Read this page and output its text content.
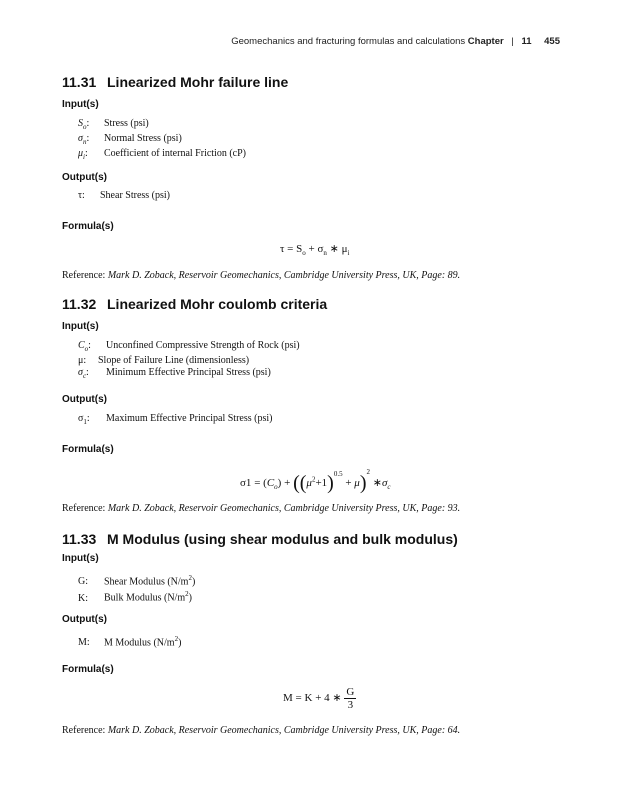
Geomechanics and fracturing formulas and calculations Chapter | 11 455
11.31 Linearized Mohr failure line
Input(s)
$S_o$: Stress (psi)
$\sigma_n$: Normal Stress (psi)
$\mu_i$: Coefficient of internal Friction (cP)
Output(s)
τ: Shear Stress (psi)
Formula(s)
$\tau = S_o + \sigma_n$ ∗ $\mu_i$
Reference: Mark D. Zoback, Reservoir Geomechanics, Cambridge University Press, UK, Page: 89.
11.32 Linearized Mohr coulomb criteria
Input(s)
$C_o$: Unconfined Compressive Strength of Rock (psi)
μ: Slope of Failure Line (dimensionless)
$\sigma_c$: Minimum Effective Principal Stress (psi)
Output(s)
$\sigma_1$: Maximum Effective Principal Stress (psi)
Formula(s)
$\sigma 1 = (C_o) + ((\mu^2+1)^{0.5} + \mu)^2$ $∗\sigma_c$
Reference: Mark D. Zoback, Reservoir Geomechanics, Cambridge University Press, UK, Page: 93.
11.33 M Modulus (using shear modulus and bulk modulus)
Input(s)
G: Shear Modulus $(N/m^2)$
K: Bulk Modulus $(N/m^2)$
Output(s)
M: M Modulus $(N/m^2)$
Formula(s)
M = K + 4 ∗ $\frac{G}{3}$
Reference: Mark D. Zoback, Reservoir Geomechanics, Cambridge University Press, UK, Page: 64.
